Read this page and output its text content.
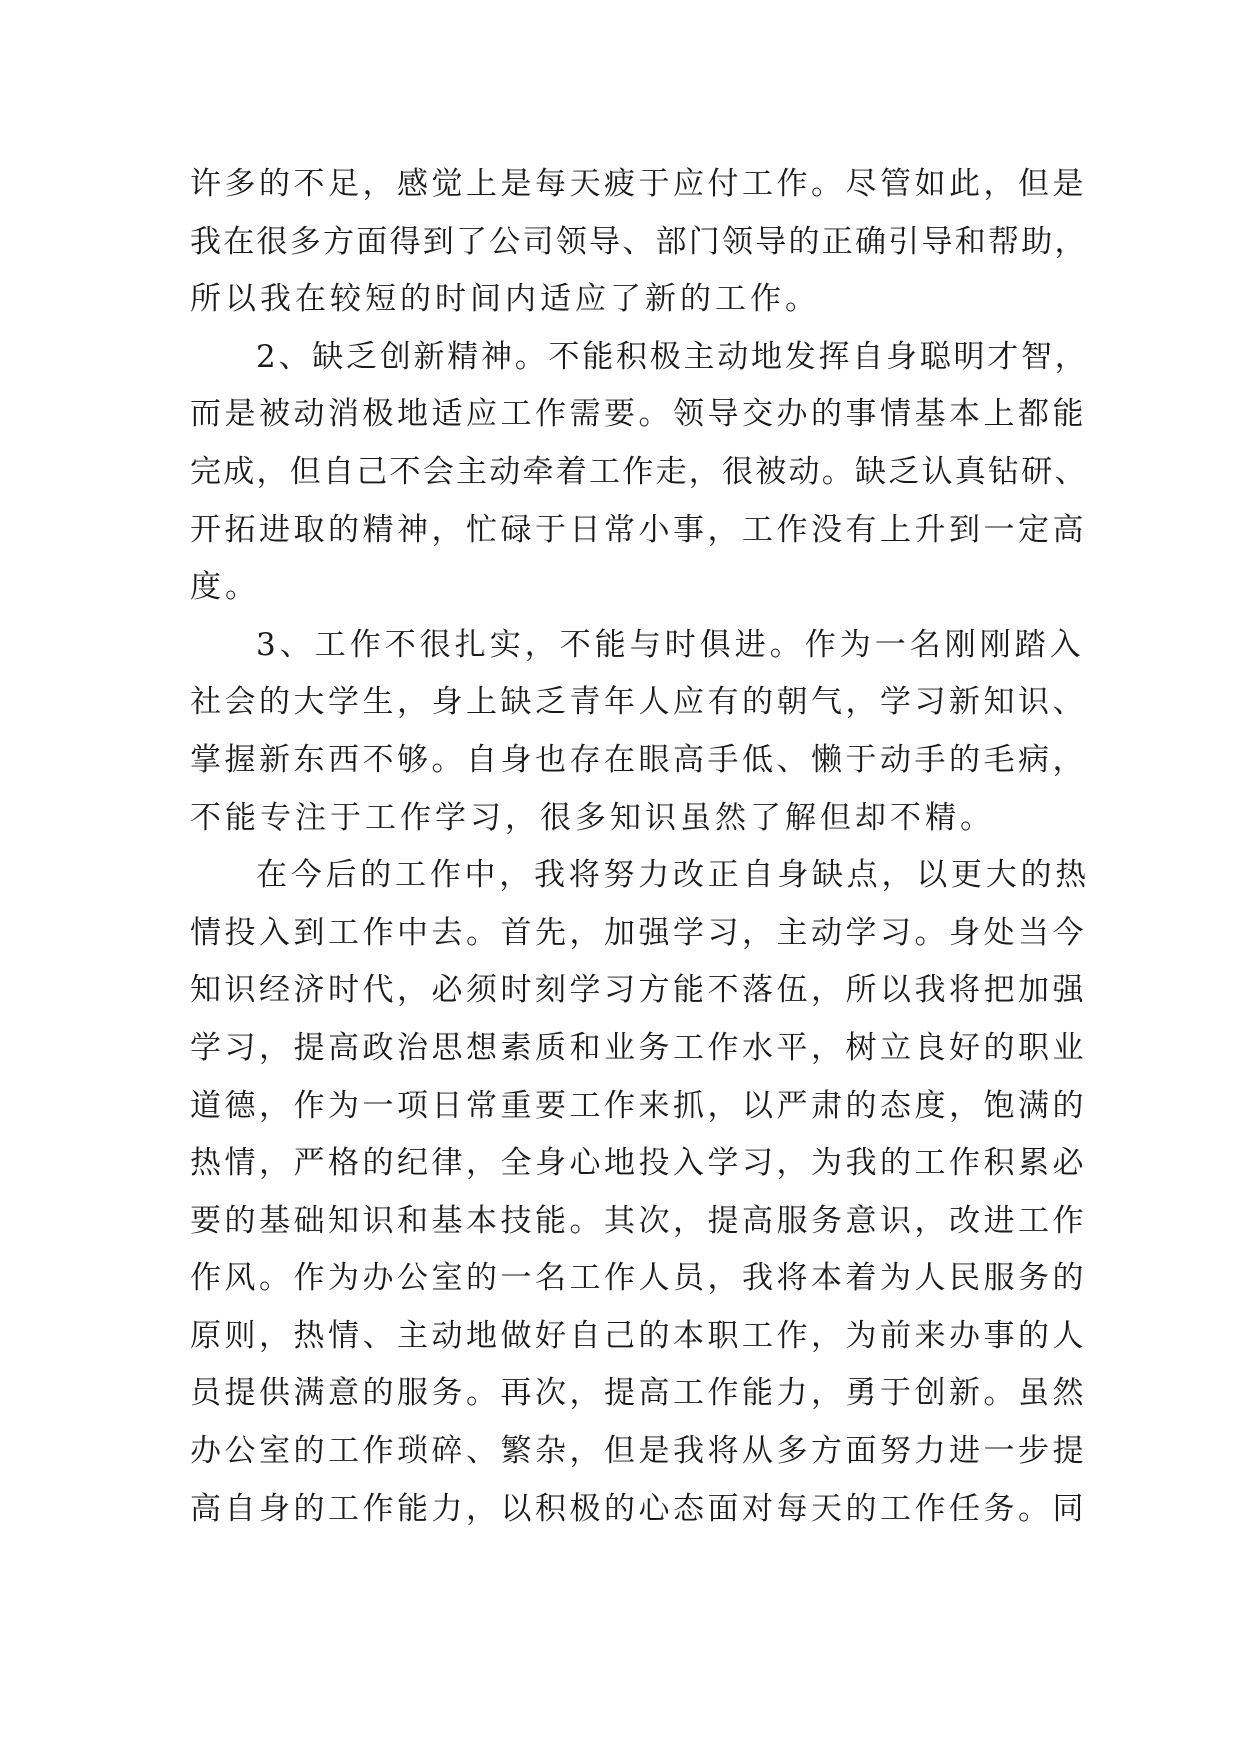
许多的不足，感觉上是每天疲于应付工作。尽管如此，但是
我在很多方面得到了公司领导、部门领导的正确引导和帮助，
所以我在较短的时间内适应了新的工作。
2、缺乏创新精神。不能积极主动地发挥自身聪明才智，
而是被动消极地适应工作需要。领导交办的事情基本上都能
完成，但自己不会主动牵着工作走，很被动。缺乏认真钻研、
开拓进取的精神，忙碌于日常小事，工作没有上升到一定高
度。
3、工作不很扎实，不能与时俱进。作为一名刚刚踏入
社会的大学生，身上缺乏青年人应有的朝气，学习新知识、
掌握新东西不够。自身也存在眼高手低、懒于动手的毛病，
不能专注于工作学习，很多知识虽然了解但却不精。
在今后的工作中，我将努力改正自身缺点，以更大的热
情投入到工作中去。首先，加强学习，主动学习。身处当今
知识经济时代，必须时刻学习方能不落伍，所以我将把加强
学习，提高政治思想素质和业务工作水平，树立良好的职业
道德，作为一项日常重要工作来抓，以严肃的态度，饱满的
热情，严格的纪律，全身心地投入学习，为我的工作积累必
要的基础知识和基本技能。其次，提高服务意识，改进工作
作风。作为办公室的一名工作人员，我将本着为人民服务的
原则，热情、主动地做好自己的本职工作，为前来办事的人
员提供满意的服务。再次，提高工作能力，勇于创新。虽然
办公室的工作琐碎、繁杂，但是我将从多方面努力进一步提
高自身的工作能力，以积极的心态面对每天的工作任务。同
